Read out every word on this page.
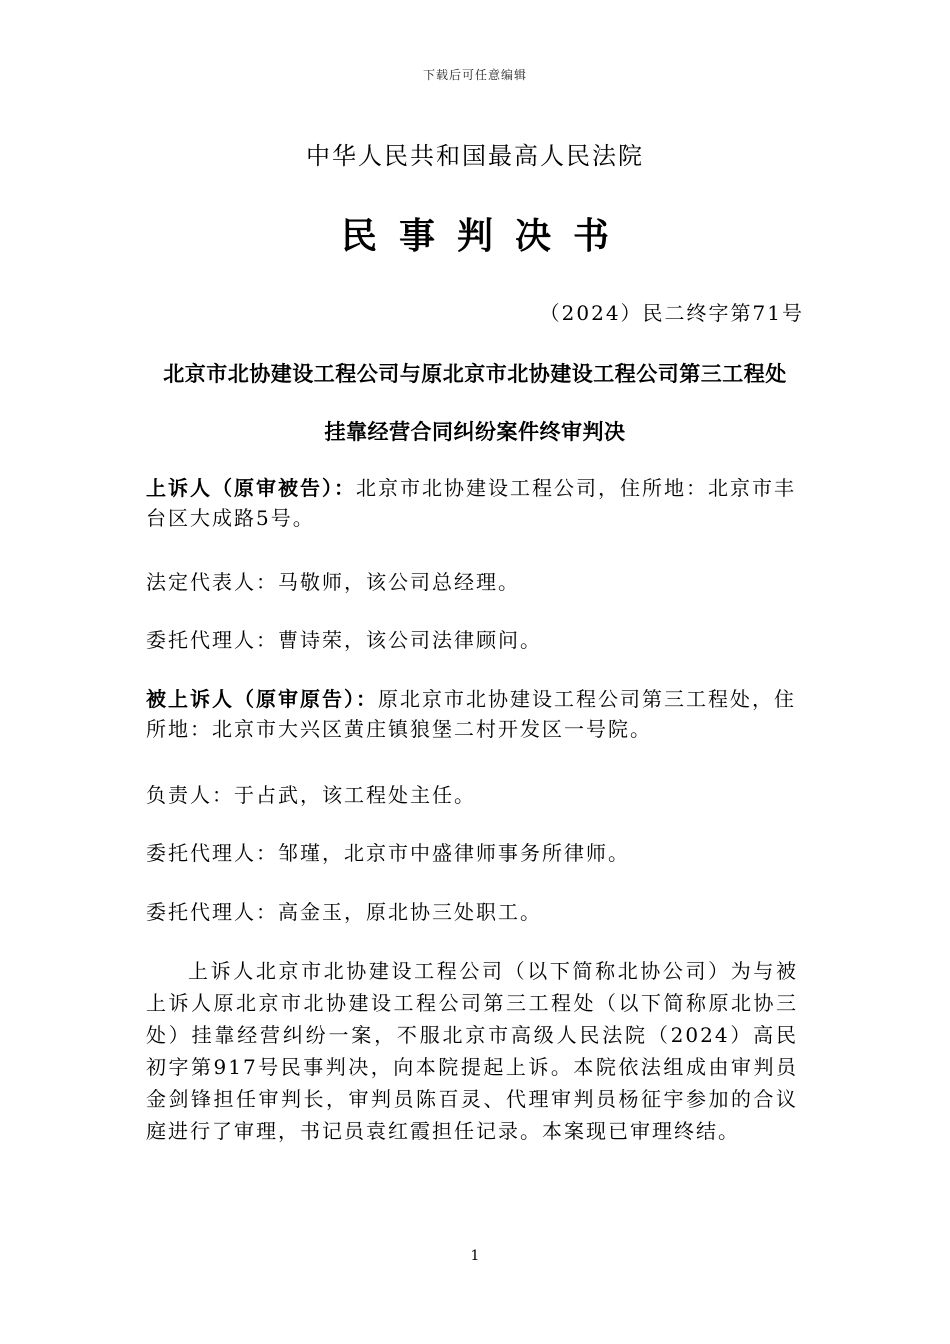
下载后可任意编辑
中华人民共和国最高人民法院
民事判决书
（2024）民二终字第71号
北京市北协建设工程公司与原北京市北协建设工程公司第三工程处
挂靠经营合同纠纷案件终审判决
上诉人（原审被告）：北京市北协建设工程公司，住所地：北京市丰台区大成路5号。
法定代表人：马敬师，该公司总经理。
委托代理人：曹诗荣，该公司法律顾问。
被上诉人（原审原告）：原北京市北协建设工程公司第三工程处，住所地：北京市大兴区黄庄镇狼堡二村开发区一号院。
负责人：于占武，该工程处主任。
委托代理人：邹瑾，北京市中盛律师事务所律师。
委托代理人：高金玉，原北协三处职工。
上诉人北京市北协建设工程公司（以下简称北协公司）为与被上诉人原北京市北协建设工程公司第三工程处（以下简称原北协三处）挂靠经营纠纷一案，不服北京市高级人民法院（2024）高民初字第917号民事判决，向本院提起上诉。本院依法组成由审判员金剑锋担任审判长，审判员陈百灵、代理审判员杨征宇参加的合议庭进行了审理，书记员袁红霞担任记录。本案现已审理终结。
1
